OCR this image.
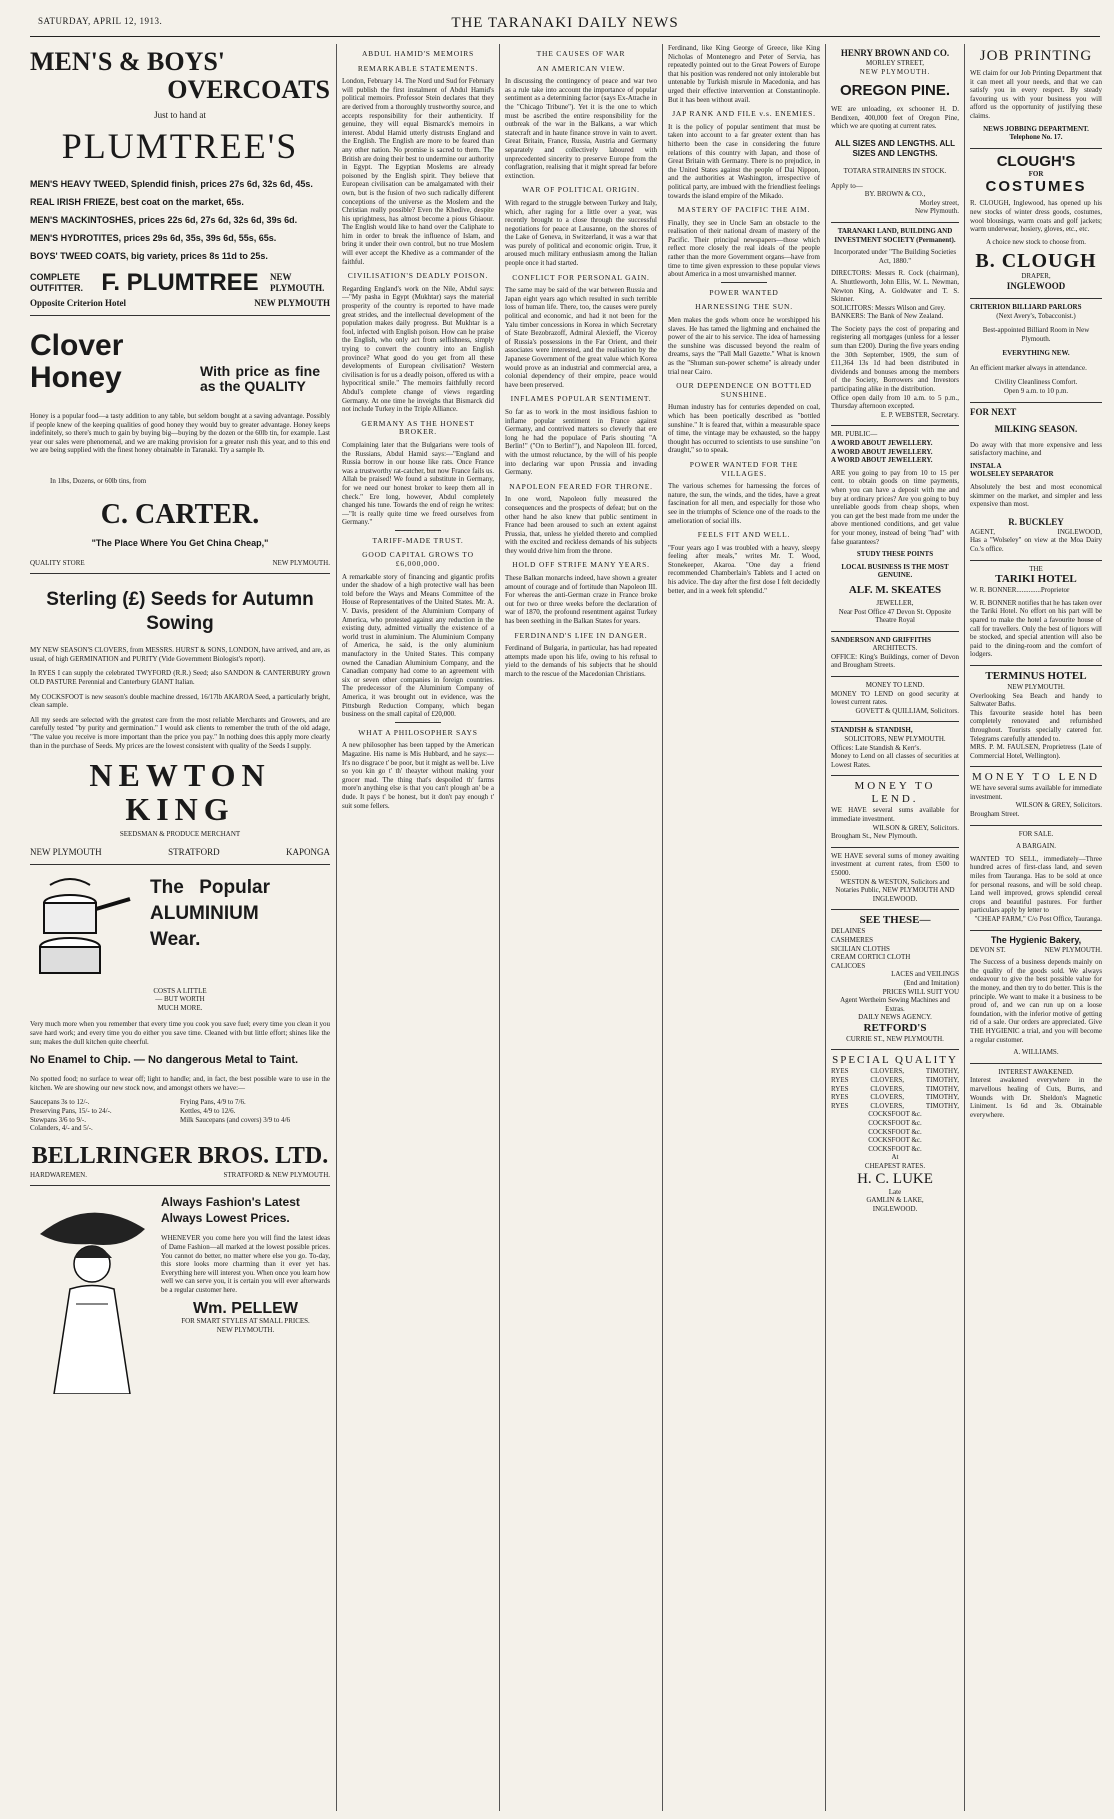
SATURDAY, APRIL 12, 1913.	THE TARANAKI DAILY NEWS
MEN'S & BOYS'
OVERCOATS
Just to hand at
PLUMTREE'S
MEN'S HEAVY TWEED, Splendid finish, prices 27s 6d, 32s 6d, 45s.
REAL IRISH FRIEZE, best coat on the market, 65s.
MEN'S MACKINTOSHES, prices 22s 6d, 27s 6d, 32s 6d, 39s 6d.
MEN'S HYDROTITES, prices 29s 6d, 35s, 39s 6d, 55s, 65s.
BOYS' TWEED COATS, big variety, prices 8s 11d to 25s.
COMPLETE OUTFITTER. F. PLUMTREE NEW PLYMOUTH.
Opposite Criterion Hotel	NEW PLYMOUTH
Clover Honey	With price as fine as the QUALITY
Honey is a popular food—a tasty addition to any table, but seldom bought at a saving advantage. Possibly if people knew of the keeping qualities of good honey they would buy to greater advantage. Honey keeps indefinitely, so there's much to gain by buying big—buying by the dozen or the 60lb tin, for example. Last year our sales were phenomenal, and we are making provision for a greater rush this year, and to this end we are being supplied with the finest honey obtainable in Taranaki. Try a sample lb.
In 1lbs, Dozens, or 60lb tins, from
C. CARTER.
"The Place Where You Get China Cheap,"
QUALITY STORE	NEW PLYMOUTH.
Sterling (£) Seeds for Autumn Sowing
MY NEW SEASON'S CLOVERS, from MESSRS. HURST & SONS, LONDON, have arrived, and are, as usual, of high GERMINATION and PURITY (Vide Government Biologist's report).
In RYES I can supply the celebrated TWYFORD (R.R.) Seed; also SANDON & CANTERBURY grown OLD PASTURE Perennial and Canterbury GIANT Italian.
My COCKSFOOT is new season's double machine dressed, 16/17lb AKAROA Seed, a particularly bright, clean sample.
All my seeds are selected with the greatest care from the most reliable Merchants and Growers, and are carefully tested "by purity and germination." I would ask clients to remember the truth of the old adage, "The value you receive is more important than the price you pay." In nothing does this apply more clearly than in the purchase of Seeds. My prices are the lowest consistent with quality of the Seeds I supply.
NEWTON KING
SEEDSMAN & PRODUCE MERCHANT
NEW PLYMOUTH	STRATFORD	KAPONGA
The Popular ALUMINIUM Wear.
COSTS A LITTLE— BUT WORTH MUCH MORE.
Very much more when you remember that every time you cook you save fuel; every time you clean it you save hard work; and every time you do either you save time. Cleaned with but little effort; shines like the sun; makes the dull kitchen quite cheerful.
No Enamel to Chip. — No dangerous Metal to Taint.
No spotted food; no surface to wear off; light to handle; and, in fact, the best possible ware to use in the kitchen. We are showing our new stock now, and amongst others we have:—
Saucepans 3s to 12/-.
Preserving Pans, 15/- to 24/-.
Stewpans 3/6 to 9/-.
Colanders, 4/- and 5/-.
Frying Pans, 4/9 to 7/6.
Kettles, 4/9 to 12/6.
Milk Saucepans (and covers) 3/9 to 4/6
BELLRINGER BROS. LTD.
HARDWAREMEN.	STRATFORD & NEW PLYMOUTH.
Always Fashion's Latest
Always Lowest Prices.
WHENEVER you come here you will find the latest ideas of Dame Fashion—all marked at the lowest possible prices. You cannot do better, no matter where else you go. To-day, this store looks more charming than it ever yet has. Everything here will interest you. When once you learn how well we can serve you, it is certain you will ever afterwards be a regular customer here.
Wm. PELLEW
FOR SMART STYLES AT SMALL PRICES.
NEW PLYMOUTH.
ABDUL HAMID'S MEMOIRS
REMARKABLE STATEMENTS.
London, February 14. The Nord und Sud for February will publish the first instalment of Abdul Hamid's political memoirs. Professor Stein declares that they are derived from a thoroughly trustworthy source, and accepts responsibility for their authenticity. If genuine, they will equal Bismarck's memoirs in interest. Abdul Hamid utterly distrusts England and the English. The English are more to be feared than any other nation. No promise is sacred to them. The British are doing their best to undermine our authority in Egypt. The Egyptian Moslems are already poisoned by the English spirit. They believe that European civilisation can be amalgamated with their own, but is the fusion of two such radically different conceptions of the universe as the Moslem and the Christian really possible? Even the Khedive, despite his uprightness, has almost become a pious Ghiaour. The English would like to hand over the Caliphate to him in order to break the influence of Islam, and bring it under their own control, but no true Moslem will ever accept the Khedive as a commander of the faithful.
CIVILISATION'S DEADLY POISON.
Regarding England's work on the Nile, Abdul says:—"My pasha in Egypt (Mukhtar) says the material prosperity of the country is reported to have made great strides, and the intellectual development of the population makes daily progress. But Mukhtar is a fool, infected with English poison. How can he praise the English, who only act from selfishness, simply trying to convert the country into an English province? What good do you get from all these developments of European civilisation? Western civilisation is for us a deadly poison, offered us with a hypocritical smile." The memoirs faithfully record Abdul's complete change of views regarding Germany. At one time he inveighs that Bismarck did not include Turkey in the Triple Alliance.
GERMANY AS THE HONEST BROKER.
Complaining later that the Bulgarians were tools of the Russians, Abdul Hamid says:—"England and Russia borrow in our house like rats. Once France was a trustworthy rat-catcher, but now France fails us. Allah be praised! We found a substitute in Germany, for we need our honest broker to keep them all in check." Ere long, however, Abdul completely changed his tune. Towards the end of reign he writes:—"It is really quite time we freed ourselves from Germany."
TARIFF-MADE TRUST.
GOOD CAPITAL GROWS TO £6,000,000.
A remarkable story of financing and gigantic profits under the shadow of a high protective wall has been told before the Ways and Means Committee of the House of Representatives of the United States. Mr. A. V. Davis, president of the Aluminium Company of America, who protested against any reduction in the existing duty, admitted virtually the existence of a world trust in aluminium. The Aluminium Company of America, he said, is the only aluminium manufactory in the United States. This company owned the Canadian Aluminium Company, and the Canadian company had come to an agreement with six or seven other companies in foreign countries. The predecessor of the Aluminium Company of America, it was brought out in evidence, was the Pittsburgh Reduction Company, which began business on the small capital of £20,000.
WHAT A PHILOSOPHER SAYS
A new philosopher has been tapped by the American Magazine. His name is Mis Hubbard, and he says:— It's no disgrace t' be poor, but it might as well be. Live so you kin go t' th' theayter without making your grocer mad. The thing that's despoiled th' farms more'n anything else is that you can't plough an' be a dude. It pays t' be honest, but it don't pay enough t' suit some fellers.
THE CAUSES OF WAR
AN AMERICAN VIEW.
In discussing the contingency of peace and war two as a rule take into account the importance of popular sentiment as a determining factor (says Ex-Attache in the "Chicago Tribune"). Yet it is the one to which must be ascribed the entire responsibility for the outbreak of the war in the Balkans, a war which statecraft and in haute finance strove in vain to avert. Great Britain, France, Russia, Austria and Germany separately and collectively laboured with unprecedented sincerity to preserve Europe from the conflagration, realising that it might spread far before extinction.
WAR OF POLITICAL ORIGIN.
With regard to the struggle between Turkey and Italy, which, after raging for a little over a year, was recently brought to a close through the successful negotiations for peace at Lausanne, on the shores of the Lake of Geneva, in Switzerland, it was a war that was purely of political and economic origin. True, it aroused much military enthusiasm among the Italian people once it had started.
CONFLICT FOR PERSONAL GAIN.
The same may be said of the war between Russia and Japan eight years ago which resulted in such terrible loss of human life. There, too, the causes were purely political and economic, and had it not been for the Yalu timber concessions in Korea in which Secretary of State Bezobrazoff, Admiral Alexieff, the Viceroy of Russia's possessions in the Far Orient, and their associates were interested, and the realisation by the Japanese Government of the great value which Korea would prove as an industrial and commercial area, a colonial dependency of their empire, peace would have been preserved.
INFLAMES POPULAR SENTIMENT.
So far as to work in the most insidious fashion to inflame popular sentiment in France against Germany, and contrived matters so cleverly that ere long he had the populace of Paris shouting "A Berlin!" ("On to Berlin!"), and Napoleon III. forced, with the utmost reluctance, by the will of his people into declaring war upon Prussia and invading Germany.
NAPOLEON FEARED FOR THRONE.
In one word, Napoleon fully measured the consequences and the prospects of defeat; but on the other hand he also knew that public sentiment in France had been aroused to such an extent against Prussia, that, unless he yielded thereto and complied with the excited and reckless demands of his subjects they would drive him from the throne.
HOLD OFF STRIFE MANY YEARS.
These Balkan monarchs indeed, have shown a greater amount of courage and of fortitude than Napoleon III. For whereas the anti-German craze in France broke out for two or three weeks before the declaration of war of 1870, the profound resentment against Turkey has been seething in the Balkan States for years.
FERDINAND'S LIFE IN DANGER.
Ferdinand of Bulgaria, in particular, has had repeated attempts made upon his life, owing to his refusal to yield to the demands of his subjects that he should march to the rescue of the Macedonian Christians.
Ferdinand, like King George of Greece, like King Nicholas of Montenegro and Peter of Servia, has repeatedly pointed out to the Great Powers of Europe that his position was rendered not only intolerable but untenable by Turkish misrule in Macedonia, and has urged their effective intervention at Constantinople. But it has been without avail.
JAP RANK AND FILE v.s. ENEMIES.
It is the policy of popular sentiment that must be taken into account to a far greater extent than has hitherto been the case in considering the future relations of this country with Japan, and those of Great Britain with Germany. There is no prejudice, in the United States against the people of Dai Nippon, and the authorities at Washington, irrespective of political party, are imbued with the friendliest feelings towards the island empire of the Mikado.
MASTERY OF PACIFIC THE AIM.
Finally, they see in Uncle Sam an obstacle to the realisation of their national dream of mastery of the Pacific. Their principal newspapers—those which reflect more closely the real ideals of the people rather than the more Government organs—have from time to time given expression to these popular views about America in a most unvarnished manner.
POWER WANTED
HARNESSING THE SUN.
Men makes the gods whom once he worshipped his slaves. He has tamed the lightning and enchained the power of the air to his service. The idea of harnessing the sunshine was discussed beyond the realm of dreams, says the "Pall Mall Gazette." What is known as the "Shuman sun-power scheme" is already under trial near Cairo.
OUR DEPENDENCE ON BOTTLED SUNSHINE.
Human industry has for centuries depended on coal, which has been poetically described as "bottled sunshine." It is feared that, within a measurable space of time, the vintage may be exhausted, so the happy thought has occurred to scientists to use sunshine "on draught," so to speak.
POWER WANTED FOR THE VILLAGES.
The various schemes for harnessing the forces of nature, the sun, the winds, and the tides, have a great fascination for all men, and especially for those who see in the triumphs of Science one of the roads to the amelioration of social ills.
FEELS FIT AND WELL.
"Four years ago I was troubled with a heavy, sleepy feeling after meals," writes Mr. T. Wood, Stonekeeper, Akaroa. "One day a friend recommended Chamberlain's Tablets and I acted on his advice. The day after the first dose I felt decidedly better, and in a week felt splendid."
HENRY BROWN AND CO.
MORLEY STREET,
NEW PLYMOUTH.
OREGON PINE.
WE are unloading, ex schooner H. D. Bendixen, 400,000 feet of Oregon Pine, which we are quoting at current rates.
ALL SIZES AND LENGTHS. ALL SIZES AND LENGTHS.
TOTARA STRAINERS IN STOCK.
Apply to—
BY. BROWN & CO.,
Morley street,
New Plymouth.
TARANAKI LAND, BUILDING AND INVESTMENT SOCIETY (Permanent).
Incorporated under "The Building Societies Act, 1880."
DIRECTORS: Messrs R. Cock (chairman), A. Shuttleworth, John Ellis, W. L. Newman, Newton King, A. Goldwater and T. S. Skinner.
SOLICITORS: Messrs Wilson and Grey.
BANKERS: The Bank of New Zealand.
The Society pays the cost of preparing and registering all mortgages (unless for a lesser sum than £200). During the five years ending the 30th September, 1909, the sum of £11,364 13s 1d had been distributed in dividends and bonuses among the members of the Society, Borrowers and Investors participating alike in the distribution.
Office open daily from 10 a.m. to 5 p.m., Thursday afternoon excepted.
E. P. WEBSTER, Secretary.
MR. PUBLIC—
A WORD ABOUT JEWELLERY.
A WORD ABOUT JEWELLERY.
A WORD ABOUT JEWELLERY.
ARE you going to pay from 10 to 15 per cent. to obtain goods on time payments, when you can have a deposit with me and buy at ordinary prices? Are you going to buy unreliable goods from cheap shops, when you can get the best made from me under the above mentioned conditions, and get value for your money, instead of being "had" with false guarantees?
STUDY THESE POINTS
LOCAL BUSINESS IS THE MOST GENUINE.
ALF. M. SKEATES
JEWELLER,
Near Post Office 47 Devon St. Opposite Theatre Royal
SANDERSON AND GRIFFITHS
ARCHITECTS.
OFFICE: King's Buildings, corner of Devon and Brougham Streets.
MONEY TO LEND.
MONEY TO LEND on good security at lowest current rates.
GOVETT & QUILLIAM, Solicitors.
STANDISH & STANDISH,
SOLICITORS, NEW PLYMOUTH.
Offices: Late Standish & Kerr's.
Money to Lend on all classes of securities at Lowest Rates.
MONEY TO LEND.
WE HAVE several sums available for immediate investment.
WILSON & GREY, Solicitors.
Brougham St., New Plymouth.
WE HAVE several sums of money awaiting investment at current rates, from £500 to £5000.
WESTON & WESTON, Solicitors and Notaries Public, NEW PLYMOUTH AND INGLEWOOD.
SEE THESE—
DELAINES
CASHMERES
SICILIAN CLOTHS
CREAM CORTICI CLOTH
CALICOES
LACES and VEILINGS
(End and Imitation)
PRICES WILL SUIT YOU
Agent Wertheim Sewing Machines and Extras.
DAILY NEWS AGENCY.
RETFORD'S
CURRIE ST., NEW PLYMOUTH.
SPECIAL QUALITY
RYES	CLOVERS,	TIMOTHY,
RYES	CLOVERS,	TIMOTHY,
RYES	CLOVERS,	TIMOTHY,
RYES	CLOVERS,	TIMOTHY,
RYES	CLOVERS,	TIMOTHY,
COCKSFOOT &c.
COCKSFOOT &c.
COCKSFOOT &c.
COCKSFOOT &c.
COCKSFOOT &c.
At
CHEAPEST RATES.
H. C. LUKE
Late
GAMLIN & LAKE,
INGLEWOOD.
JOB PRINTING
WE claim for our Job Printing Department that it can meet all your needs, and that we can satisfy you in every respect. By steady favouring us with your business you will afford us the opportunity of justifying these claims.
NEWS JOBBING DEPARTMENT.
Telephone No. 17.
CLOUGH'S
FOR
COSTUMES
R. CLOUGH, Inglewood, has opened up his new stocks of winter dress goods, costumes, wool blousings, warm coats and golf jackets; warm underwear, hosiery, gloves, etc., etc.
A choice new stock to choose from.
B. CLOUGH
DRAPER,
INGLEWOOD
CRITERION BILLIARD PARLORS
(Next Avery's, Tobacconist.)
Best-appointed Billiard Room in New Plymouth.
EVERYTHING NEW.
An efficient marker always in attendance.
Civility Cleanliness Comfort.
Open 9 a.m. to 10 p.m.
FOR NEXT
MILKING SEASON.
Do away with that more expensive and less satisfactory machine, and
INSTAL A
WOLSELEY SEPARATOR
Absolutely the best and most economical skimmer on the market, and simpler and less expensive than most.
R. BUCKLEY
AGENT,	INGLEWOOD,
Has a "Wolseley" on view at the Moa Dairy Co.'s office.
THE
TARIKI HOTEL
W. R. BONNER..............Proprietor
W. R. BONNER notifies that he has taken over the Tariki Hotel. No effort on his part will be spared to make the hotel a favourite house of call for travellers. Only the best of liquors will be stocked, and special attention will also be paid to the dining-room and the comfort of lodgers.
TERMINUS HOTEL
NEW PLYMOUTH.
Overlooking Sea Beach and handy to Saltwater Baths.
This favourite seaside hotel has been completely renovated and refurnished throughout. Tourists specially catered for. Telegrams carefully attended to.
MRS. P. M. FAULSEN, Proprietress (Late of Commercial Hotel, Wellington).
MONEY TO LEND
WE have several sums available for immediate investment.
WILSON & GREY, Solicitors.
Brougham Street.
FOR SALE.
A BARGAIN.
WANTED TO SELL, immediately—Three hundred acres of first-class land, and seven miles from Tauranga. Has to be sold at once for personal reasons, and will be sold cheap. Land well improved, grows splendid cereal crops and beautiful pastures. For further particulars apply by letter to
"CHEAP FARM," C/o Post Office, Tauranga.
The Hygienic Bakery,
DEVON ST.	NEW PLYMOUTH.
The Success of a business depends mainly on the quality of the goods sold. We always endeavour to give the best possible value for the money, and then try to do better. This is the principle. We want to make it a business to be proud of, and we can run up on a loose foundation, with the inferior motive of getting rid of a sale. Our orders are appreciated. Give THE HYGIENIC a trial, and you will become a regular customer.
A. WILLIAMS.
INTEREST AWAKENED.
Interest awakened everywhere in the marvellous healing of Cuts, Burns, and Wounds with Dr. Sheldon's Magnetic Liniment. 1s 6d and 3s. Obtainable everywhere.
